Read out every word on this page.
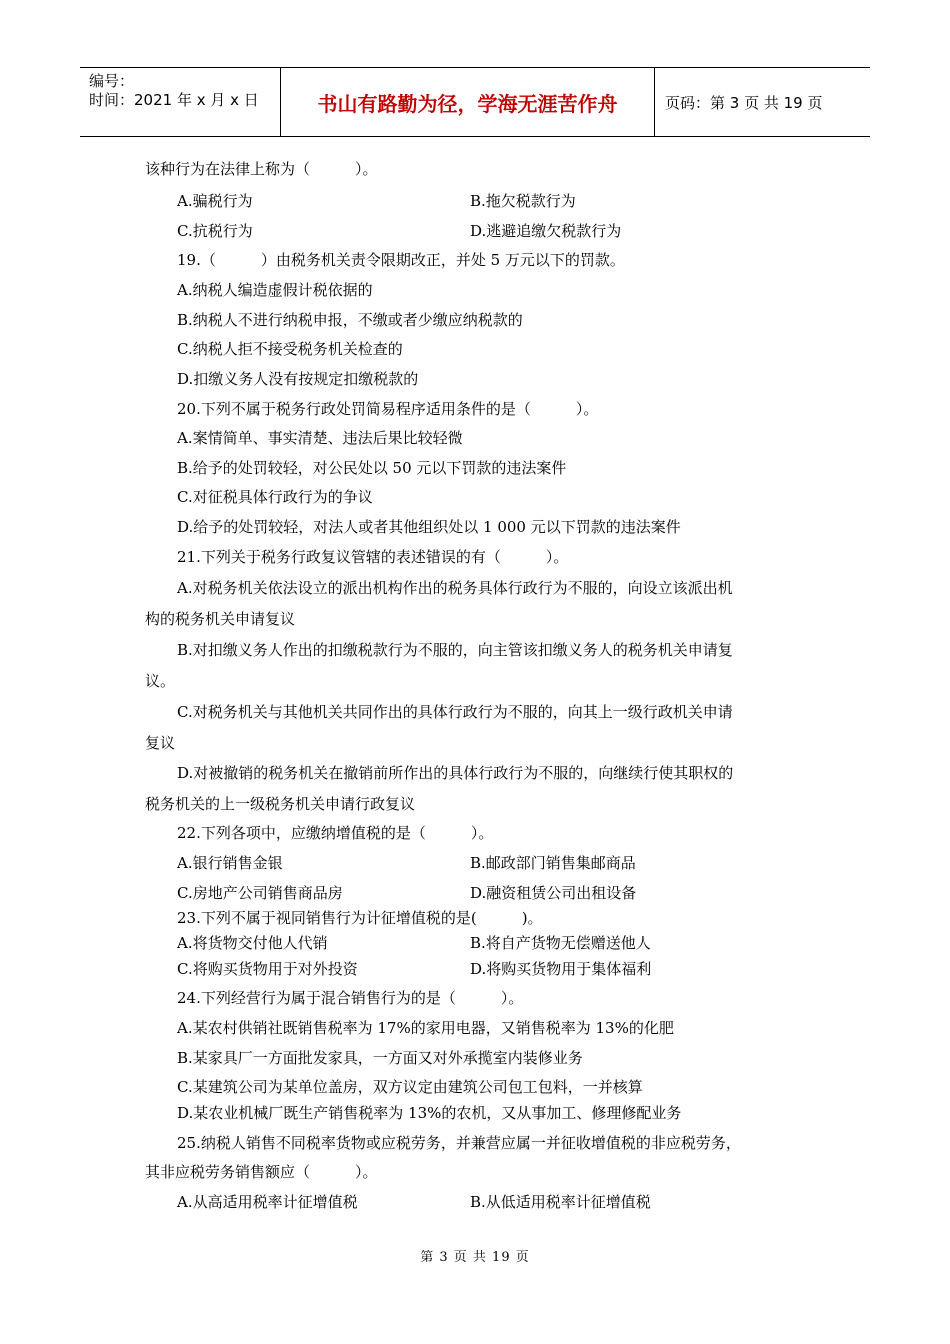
编号：
时间：2021 年 x 月 x 日	书山有路勤为径，学海无涯苦作舟	页码：第 3 页 共 19 页
该种行为在法律上称为（　　　）。
A.骗税行为	B.拖欠税款行为
C.抗税行为	D.逃避追缴欠税款行为
19.（　　　）由税务机关责令限期改正，并处 5 万元以下的罚款。
A.纳税人编造虚假计税依据的
B.纳税人不进行纳税申报，不缴或者少缴应纳税款的
C.纳税人拒不接受税务机关检查的
D.扣缴义务人没有按规定扣缴税款的
20.下列不属于税务行政处罚简易程序适用条件的是（　　　）。
A.案情简单、事实清楚、违法后果比较轻微
B.给予的处罚较轻，对公民处以 50 元以下罚款的违法案件
C.对征税具体行政行为的争议
D.给予的处罚较轻，对法人或者其他组织处以 1 000 元以下罚款的违法案件
21.下列关于税务行政复议管辖的表述错误的有（　　　）。
A.对税务机关依法设立的派出机构作出的税务具体行政行为不服的，向设立该派出机
构的税务机关申请复议
B.对扣缴义务人作出的扣缴税款行为不服的，向主管该扣缴义务人的税务机关申请复
议。
C.对税务机关与其他机关共同作出的具体行政行为不服的，向其上一级行政机关申请
复议
D.对被撤销的税务机关在撤销前所作出的具体行政行为不服的，向继续行使其职权的
税务机关的上一级税务机关申请行政复议
22.下列各项中，应缴纳增值税的是（　　　）。
A.银行销售金银	B.邮政部门销售集邮商品
C.房地产公司销售商品房	D.融资租赁公司出租设备
23.下列不属于视同销售行为计征增值税的是(　　　)。
A.将货物交付他人代销	B.将自产货物无偿赠送他人
C.将购买货物用于对外投资	D.将购买货物用于集体福利
24.下列经营行为属于混合销售行为的是（　　　）。
A.某农村供销社既销售税率为 17%的家用电器，又销售税率为 13%的化肥
B.某家具厂一方面批发家具，一方面又对外承揽室内装修业务
C.某建筑公司为某单位盖房，双方议定由建筑公司包工包料，一并核算
D.某农业机械厂既生产销售税率为 13%的农机，又从事加工、修理修配业务
25.纳税人销售不同税率货物或应税劳务，并兼营应属一并征收增值税的非应税劳务，
其非应税劳务销售额应（　　　）。
A.从高适用税率计征增值税	B.从低适用税率计征增值税
第 3 页 共 19 页
